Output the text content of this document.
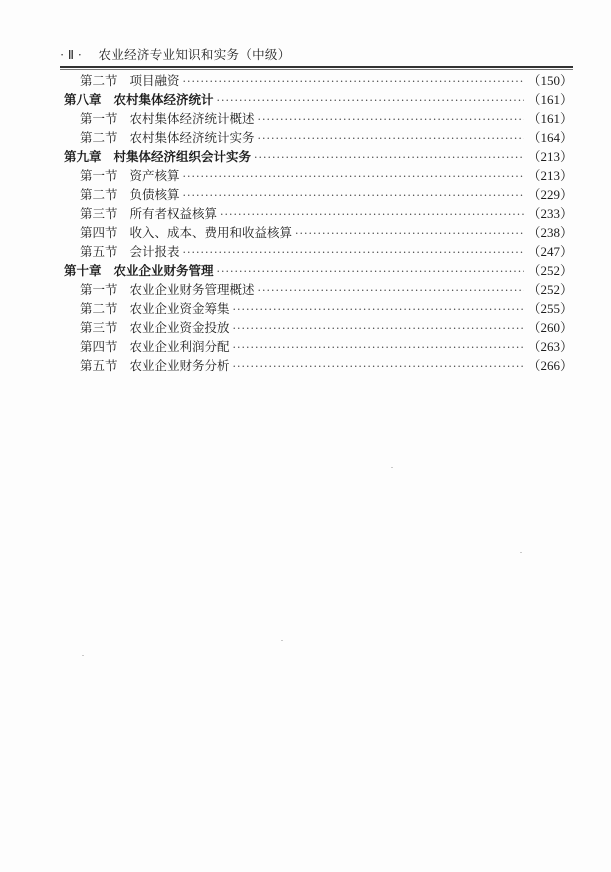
· Ⅱ · 农业经济专业知识和实务（中级）
第二节 项目融资 ·····	（150）
第八章 农村集体经济统计 ·····	（161）
第一节 农村集体经济统计概述 ·····	（161）
第二节 农村集体经济统计实务 ·····	（164）
第九章 村集体经济组织会计实务 ·····	（213）
第一节 资产核算 ·····	（213）
第二节 负债核算 ·····	（229）
第三节 所有者权益核算 ·····	（233）
第四节 收入、成本、费用和收益核算 ·····	（238）
第五节 会计报表 ·····	（247）
第十章 农业企业财务管理 ·····	（252）
第一节 农业企业财务管理概述 ·····	（252）
第二节 农业企业资金筹集 ·····	（255）
第三节 农业企业资金投放 ·····	（260）
第四节 农业企业利润分配 ·····	（263）
第五节 农业企业财务分析 ·····	（266）
